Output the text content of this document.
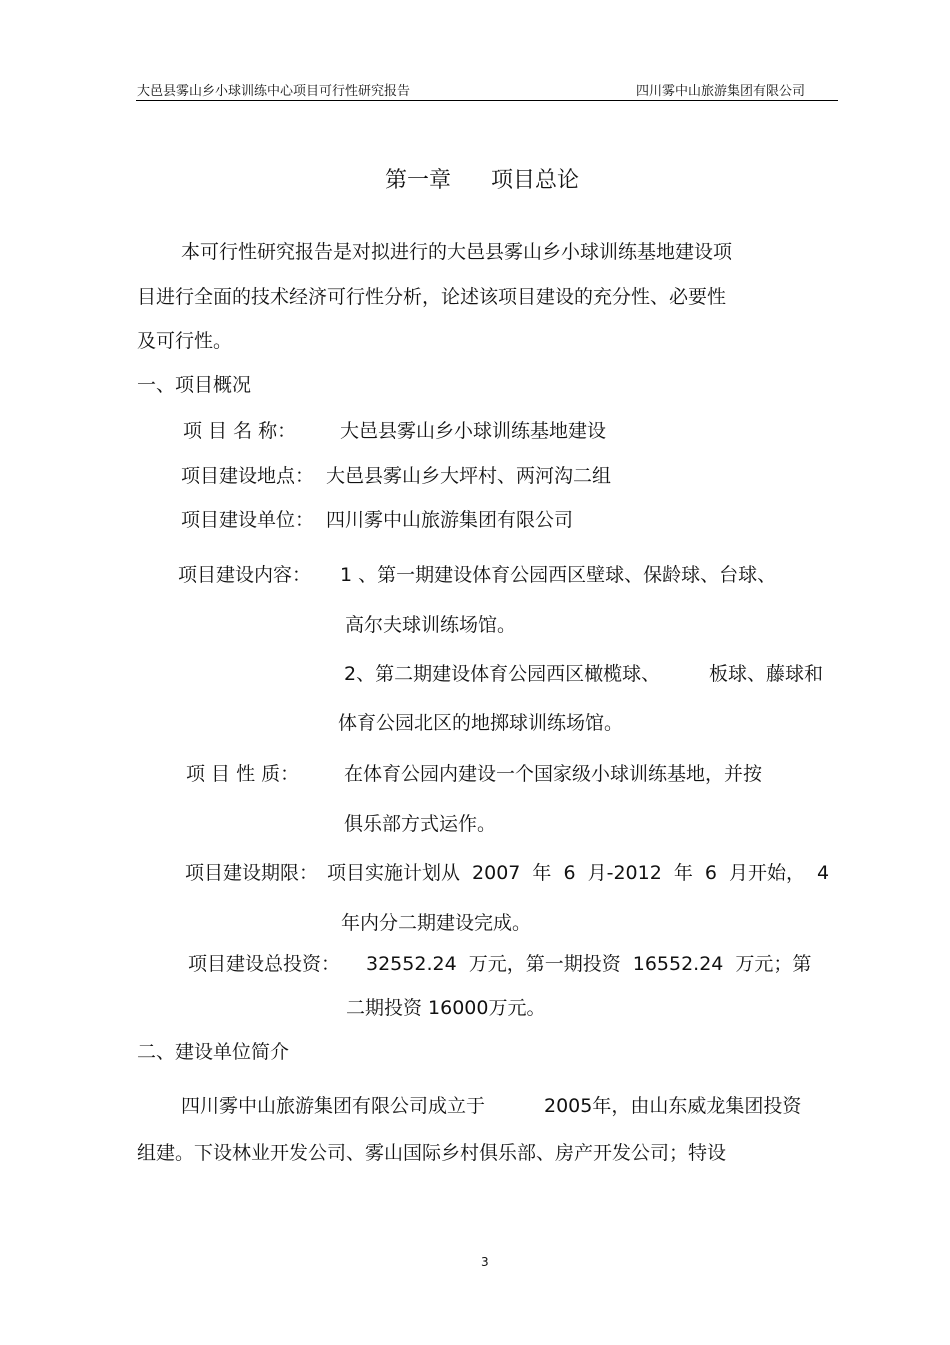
大邑县雾山乡小球训练中心项目可行性研究报告	四川雾中山旅游集团有限公司
第一章 项目总论
本可行性研究报告是对拟进行的大邑县雾山乡小球训练基地建设项
目进行全面的技术经济可行性分析，论述该项目建设的充分性、必要性
及可行性。
一、项目概况
项 目 名 称： 大邑县雾山乡小球训练基地建设
项目建设地点： 大邑县雾山乡大坪村、两河沟二组
项目建设单位： 四川雾中山旅游集团有限公司
项目建设内容： 1 、第一期建设体育公园西区壁球、保龄球、台球、
高尔夫球训练场馆。
2、第二期建设体育公园西区橄榄球、	板球、藤球和
体育公园北区的地掷球训练场馆。
项 目 性 质： 在体育公园内建设一个国家级小球训练基地，并按
俱乐部方式运作。
项目建设期限： 项目实施计划从 2007 年 6 月-2012 年 6 月开始， 4
年内分二期建设完成。
项目建设总投资： 32552.24 万元，第一期投资 16552.24 万元；第
二期投资 16000万元。
二、建设单位简介
四川雾中山旅游集团有限公司成立于	2005年，由山东威龙集团投资
组建。下设林业开发公司、雾山国际乡村俱乐部、房产开发公司；特设
3
